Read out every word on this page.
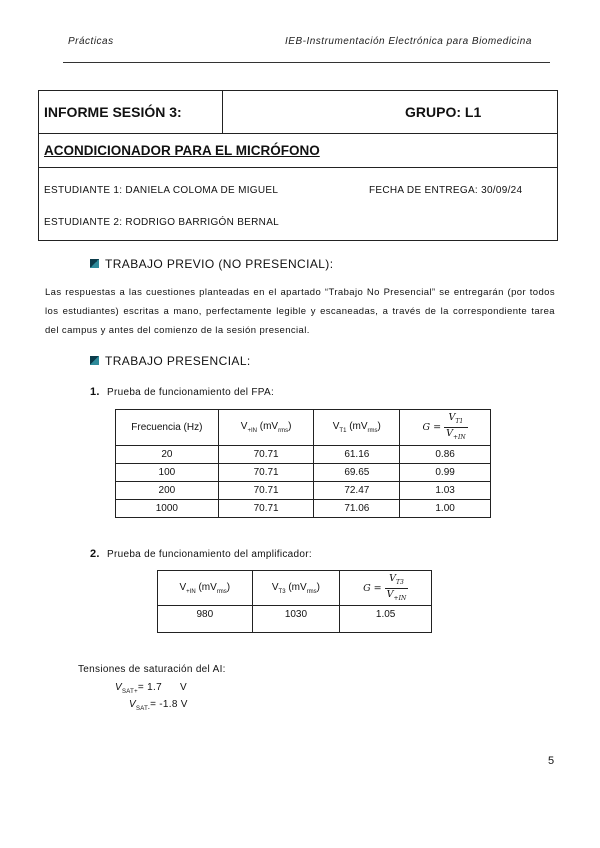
Prácticas	IEB-Instrumentación Electrónica para Biomedicina
INFORME SESIÓN 3:	GRUPO: L1
ACONDICIONADOR PARA EL MICRÓFONO
ESTUDIANTE 1: DANIELA COLOMA DE MIGUEL	FECHA DE ENTREGA: 30/09/24
ESTUDIANTE 2: RODRIGO BARRIGÓN BERNAL
TRABAJO PREVIO (NO PRESENCIAL):
Las respuestas a las cuestiones planteadas en el apartado “Trabajo No Presencial” se entregarán (por todos los estudiantes) escritas a mano, perfectamente legible y escaneadas, a través de la correspondiente tarea del campus y antes del comienzo de la sesión presencial.
TRABAJO PRESENCIAL:
1. Prueba de funcionamiento del FPA:
Frecuencia (Hz)	$V_{+IN}$ $(mV_{rms})$	$V_{T1}$ $(mV_{rms})$	$G = \frac{V_{T1}}{V_{+IN}}$

20	70.71	61.16	0.86
100	70.71	69.65	0.99
200	70.71	72.47	1.03
1000	70.71	71.06	1.00
2. Prueba de funcionamiento del amplificador:
$V_{+IN}$ $(mV_{rms})$	$V_{T3}$ $(mV_{rms})$	$G = \frac{V_{T3}}{V_{+IN}}$

980	1030	1.05
Tensiones de saturación del AI:
$V_{SAT+}= 1.7$ V
$V_{SAT-}= -1.8$ V
5
